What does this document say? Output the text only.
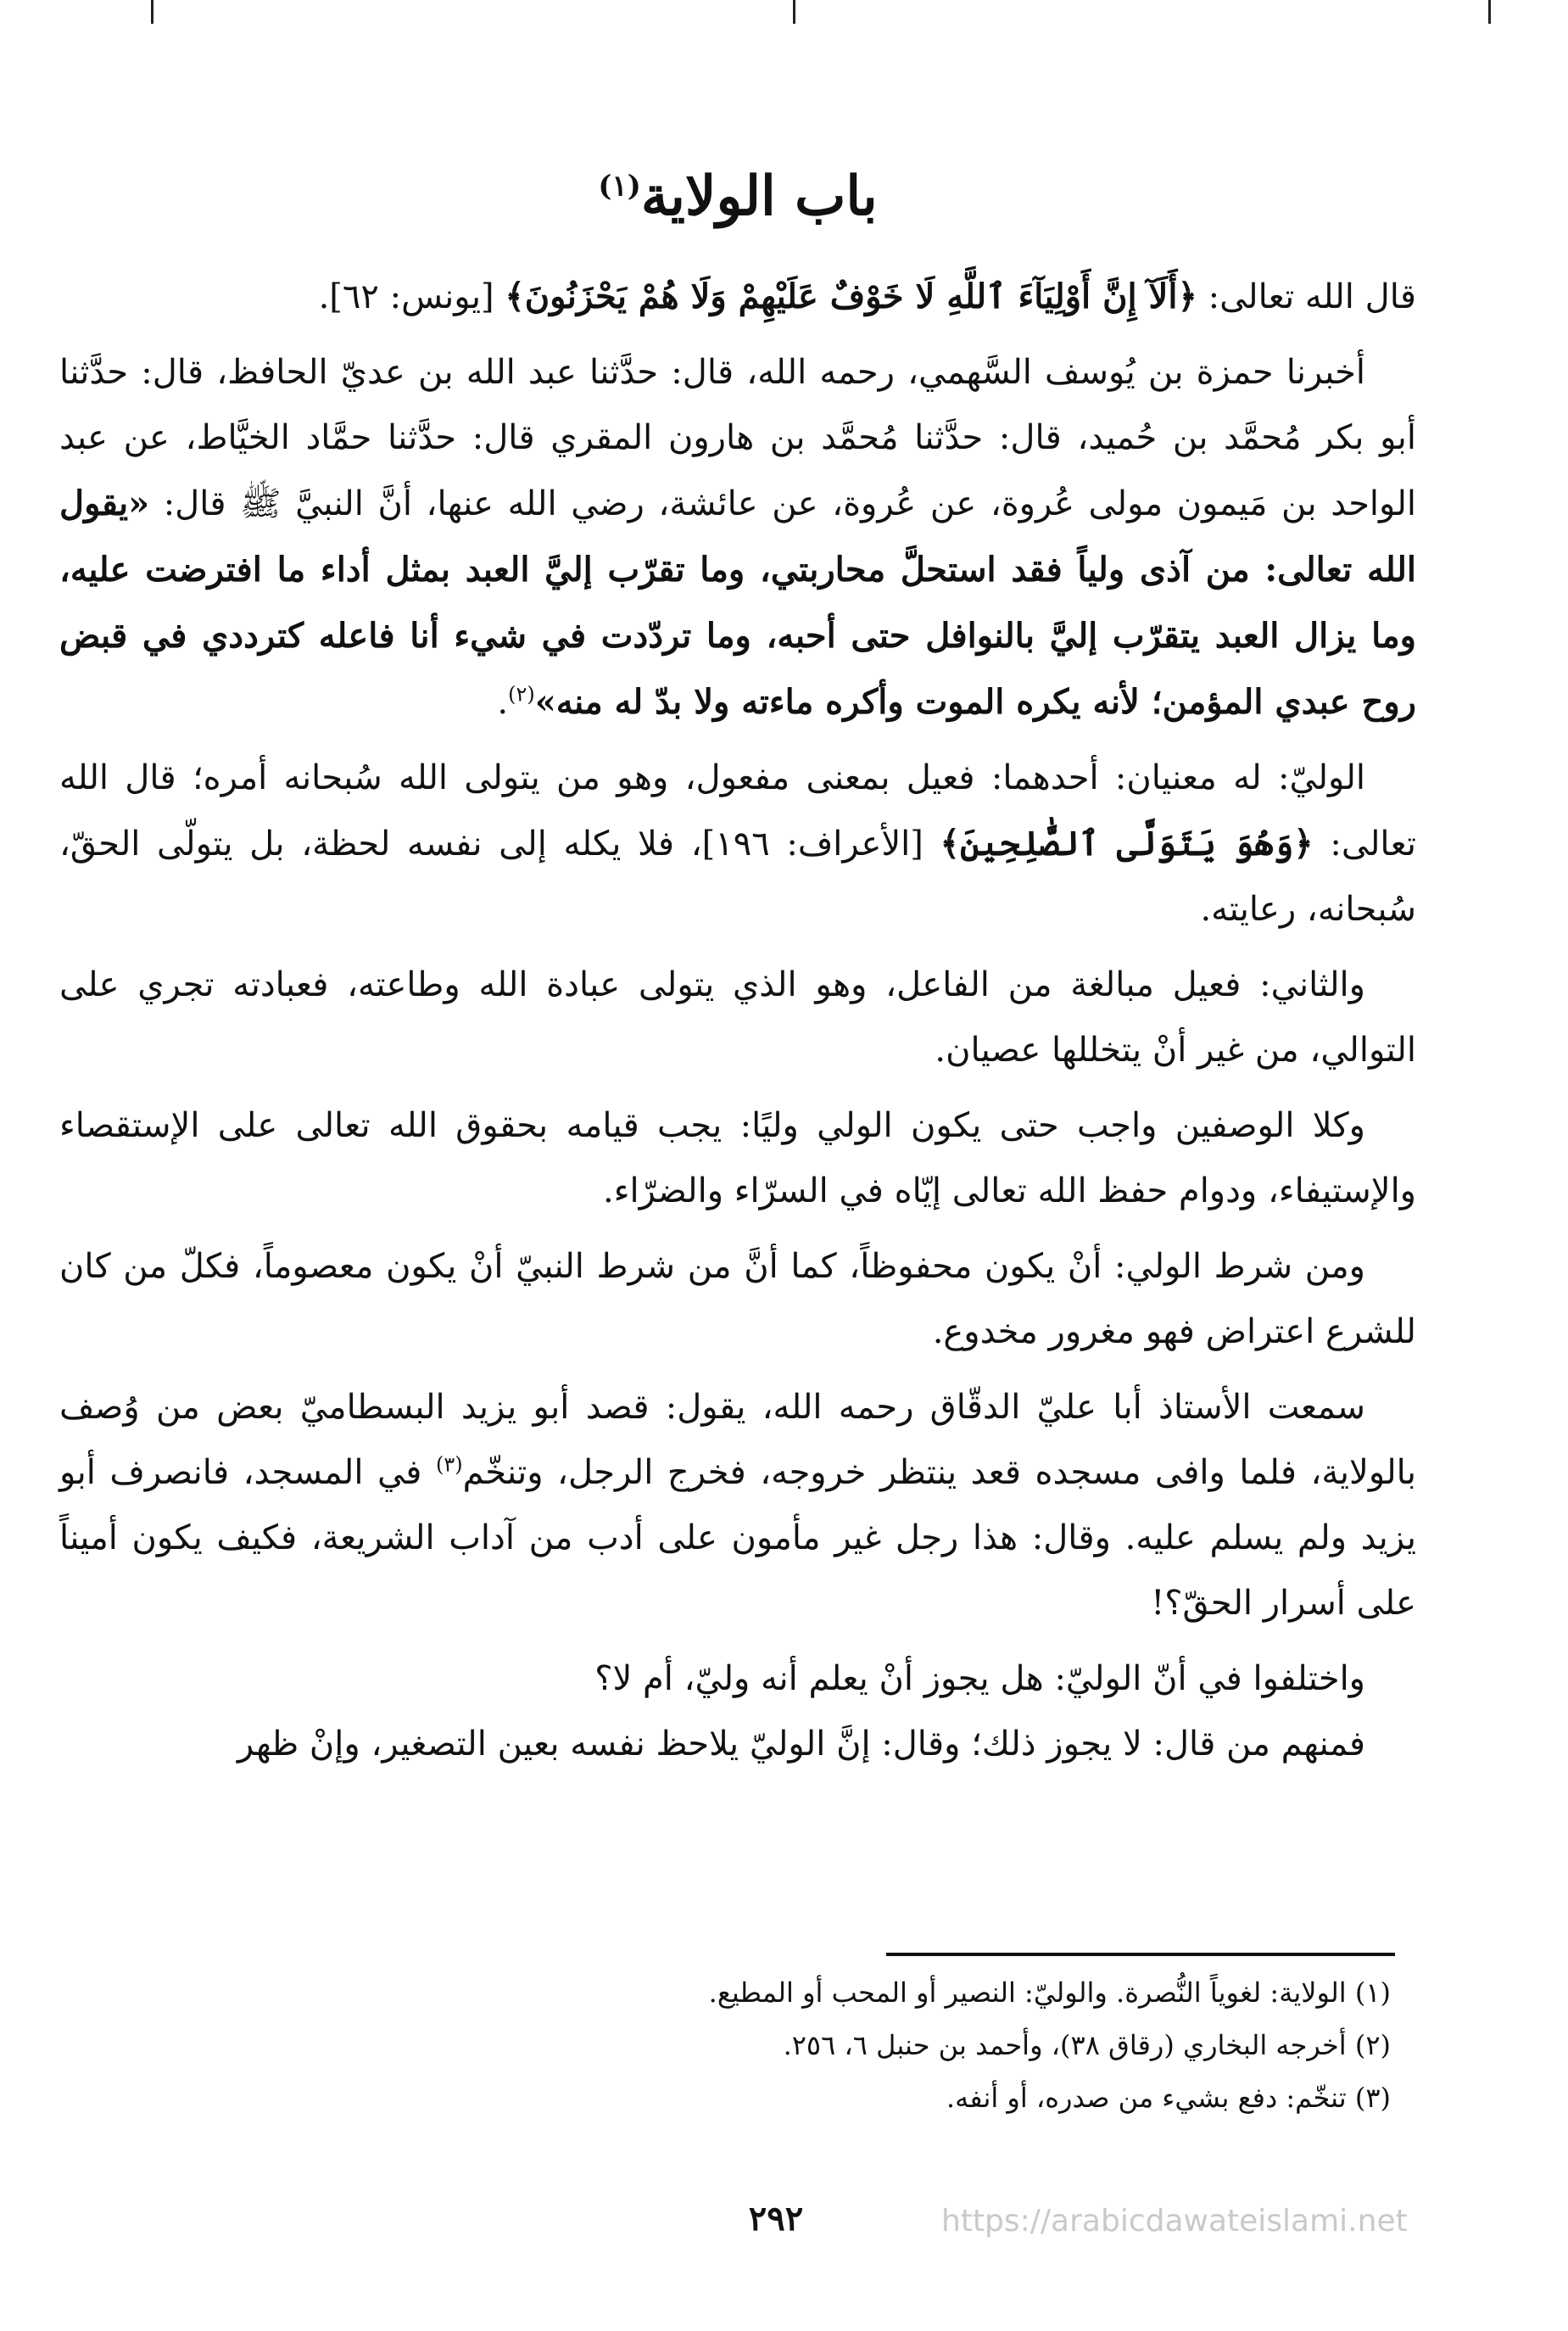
باب الولاية$^{(١)}$

قال الله تعالى: ﴿أَلَآ إِنَّ أَوْلِيَآءَ ٱللَّهِ لَا خَوْفٌ عَلَيْهِمْ وَلَا هُمْ يَحْزَنُونَ﴾ [يونس: ٦٢].

أخبرنا حمزة بن يُوسف السَّهمي، رحمه الله، قال: حدَّثنا عبد الله بن عديّ الحافظ، قال: حدَّثنا أبو بكر مُحمَّد بن حُميد، قال: حدَّثنا مُحمَّد بن هارون المقري قال: حدَّثنا حمَّاد الخيَّاط، عن عبد الواحد بن مَيمون مولى عُروة، عن عُروة، عن عائشة، رضي الله عنها، أنَّ النبيَّ ﷺ قال: «يقول الله تعالى: من آذى ولياً فقد استحلَّ محاربتي، وما تقرّب إليَّ العبد بمثل أداء ما افترضت عليه، وما يزال العبد يتقرّب إليَّ بالنوافل حتى أحبه، وما تردّدت في شيء أنا فاعله كترددي في قبض روح عبدي المؤمن؛ لأنه يكره الموت وأكره ماءته ولا بدّ له منه»$^{(٢)}$.

الوليّ: له معنيان: أحدهما: فعيل بمعنى مفعول، وهو من يتولى الله سُبحانه أمره؛ قال الله تعالى: ﴿وَهُوَ يَتَوَلَّى ٱلصَّٰلِحِينَ﴾ [الأعراف: ١٩٦]، فلا يكله إلى نفسه لحظة، بل يتولّى الحقّ، سُبحانه، رعايته.

والثاني: فعيل مبالغة من الفاعل، وهو الذي يتولى عبادة الله وطاعته، فعبادته تجري على التوالي، من غير أنْ يتخللها عصيان.

وكلا الوصفين واجب حتى يكون الولي وليًا: يجب قيامه بحقوق الله تعالى على الإستقصاء والإستيفاء، ودوام حفظ الله تعالى إيّاه في السرّاء والضرّاء.

ومن شرط الولي: أنْ يكون محفوظاً، كما أنَّ من شرط النبيّ أنْ يكون معصوماً، فكلّ من كان للشرع اعتراض فهو مغرور مخدوع.

سمعت الأستاذ أبا عليّ الدقّاق رحمه الله، يقول: قصد أبو يزيد البسطاميّ بعض من وُصف بالولاية، فلما وافى مسجده قعد ينتظر خروجه، فخرج الرجل، وتنخّم$^{(٣)}$ في المسجد، فانصرف أبو يزيد ولم يسلم عليه. وقال: هذا رجل غير مأمون على أدب من آداب الشريعة، فكيف يكون أميناً على أسرار الحقّ؟!

واختلفوا في أنّ الوليّ: هل يجوز أنْ يعلم أنه وليّ، أم لا؟

فمنهم من قال: لا يجوز ذلك؛ وقال: إنَّ الوليّ يلاحظ نفسه بعين التصغير، وإنْ ظهر

(١) الولاية: لغوياً النُّصرة. والوليّ: النصير أو المحب أو المطيع.

(٢) أخرجه البخاري (رقاق ٣٨)، وأحمد بن حنبل ٦، ٢٥٦.

(٣) تنخّم: دفع بشيء من صدره، أو أنفه.

٢٩٢	https://arabicdawateislami.net
